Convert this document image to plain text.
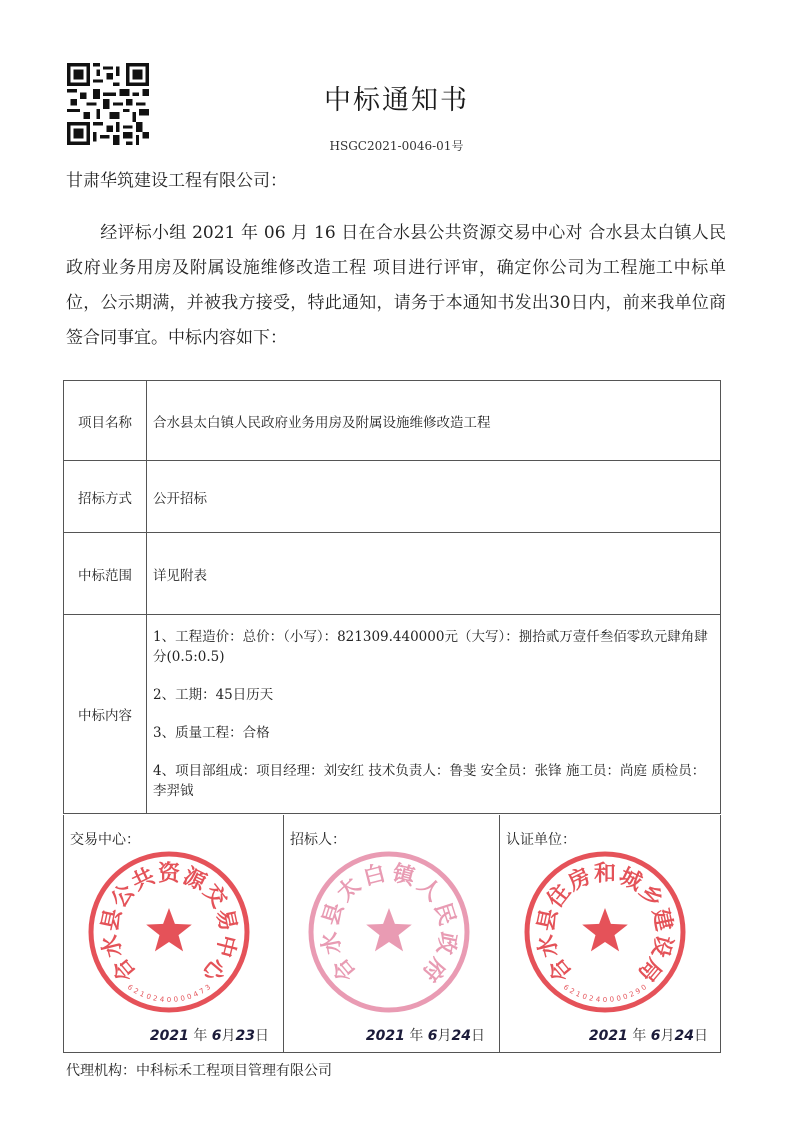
中标通知书
HSGC2021-0046-01号
甘肃华筑建设工程有限公司：
经评标小组 2021 年 06 月 16 日在合水县公共资源交易中心对 合水县太白镇人民政府业务用房及附属设施维修改造工程 项目进行评审，确定你公司为工程施工中标单位，公示期满，并被我方接受，特此通知，请务于本通知书发出30日内，前来我单位商签合同事宜。中标内容如下：
项目名称	合水县太白镇人民政府业务用房及附属设施维修改造工程
招标方式	公开招标
中标范围	详见附表
中标内容	1、工程造价：总价：（小写）：821309.440000元（大写）：捌拾贰万壹仟叁佰零玖元肆角肆分(0.5:0.5)

2、工期：45日历天

3、质量工程：合格

4、项目部组成：项目经理：刘安红 技术负责人：鲁斐 安全员：张锋 施工员：尚庭 质检员：李羿钺

交易中心：
合
水
县
公
共 资 源
交
易
中
心
6
2
1 0 2 4 0 0 0 0 4
7
3
2021 年 6月23日
招标人：
合
水
县
太
白 镇
人
民
政
府
2021 年 6月24日
认证单位：
合
水
县
住
房 和 城
乡
建
设
局
6
2
1 0 2 4 0 0 0 0 2
9
0
2021 年 6月24日
代理机构：中科标禾工程项目管理有限公司
